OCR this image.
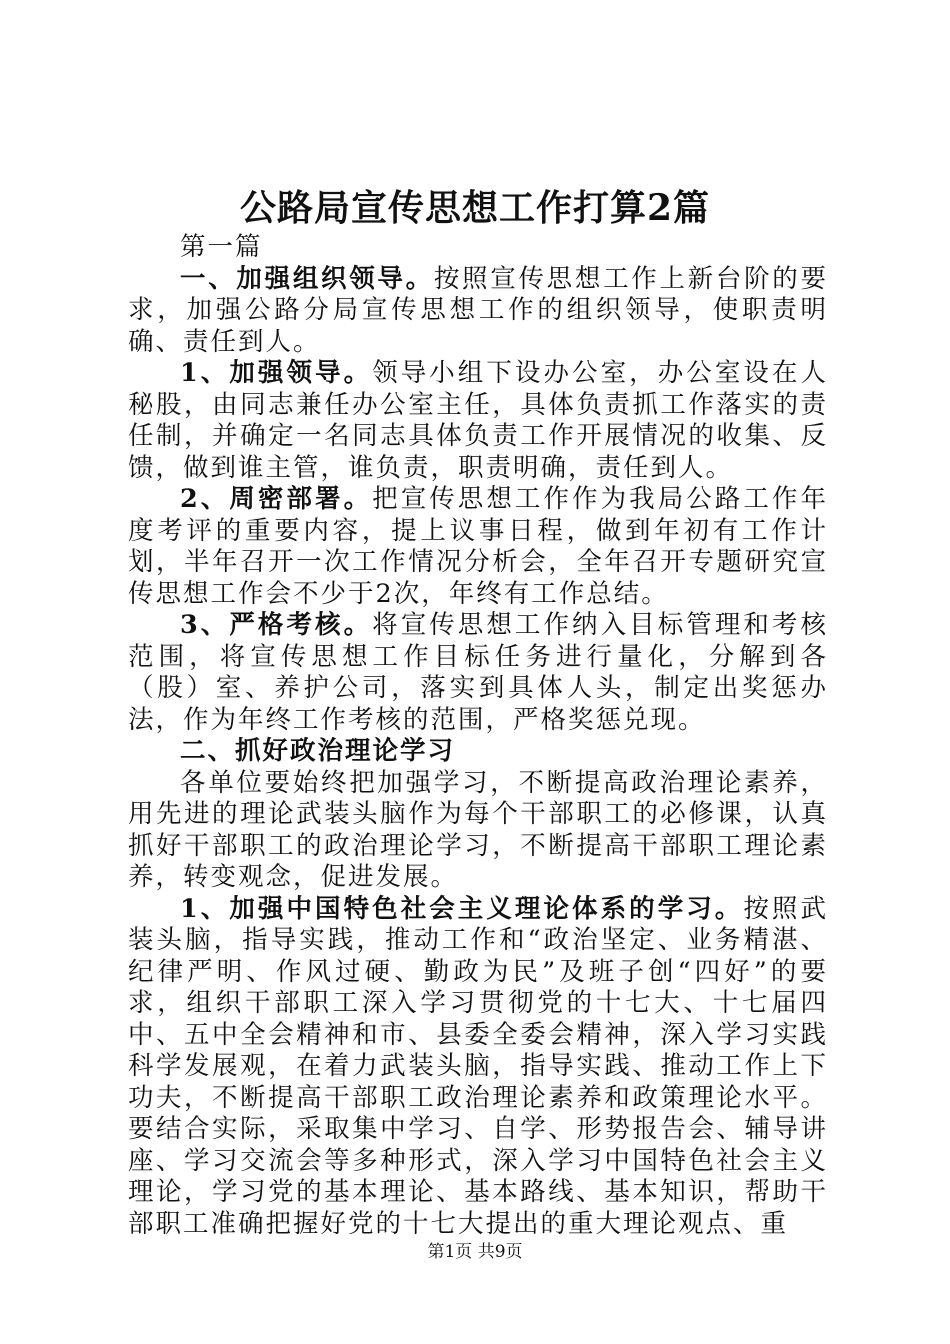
公路局宣传思想工作打算2篇

第一篇

一、加强组织领导。按照宣传思想工作上新台阶的要求，加强公路分局宣传思想工作的组织领导，使职责明确、责任到人。

1、加强领导。领导小组下设办公室，办公室设在人秘股，由同志兼任办公室主任，具体负责抓工作落实的责任制，并确定一名同志具体负责工作开展情况的收集、反馈，做到谁主管，谁负责，职责明确，责任到人。

2、周密部署。把宣传思想工作作为我局公路工作年度考评的重要内容，提上议事日程，做到年初有工作计划，半年召开一次工作情况分析会，全年召开专题研究宣传思想工作会不少于2次，年终有工作总结。

3、严格考核。将宣传思想工作纳入目标管理和考核范围，将宣传思想工作目标任务进行量化，分解到各（股）室、养护公司，落实到具体人头，制定出奖惩办法，作为年终工作考核的范围，严格奖惩兑现。

二、抓好政治理论学习

各单位要始终把加强学习，不断提高政治理论素养，用先进的理论武装头脑作为每个干部职工的必修课，认真抓好干部职工的政治理论学习，不断提高干部职工理论素养，转变观念，促进发展。

1、加强中国特色社会主义理论体系的学习。按照武装头脑，指导实践，推动工作和“政治坚定、业务精湛、纪律严明、作风过硬、勤政为民”及班子创“四好”的要求，组织干部职工深入学习贯彻党的十七大、十七届四中、五中全会精神和市、县委全委会精神，深入学习实践科学发展观，在着力武装头脑，指导实践、推动工作上下功夫，不断提高干部职工政治理论素养和政策理论水平。要结合实际，采取集中学习、自学、形势报告会、辅导讲座、学习交流会等多种形式，深入学习中国特色社会主义理论，学习党的基本理论、基本路线、基本知识，帮助干部职工准确把握好党的十七大提出的重大理论观点、重

第1页 共9页
